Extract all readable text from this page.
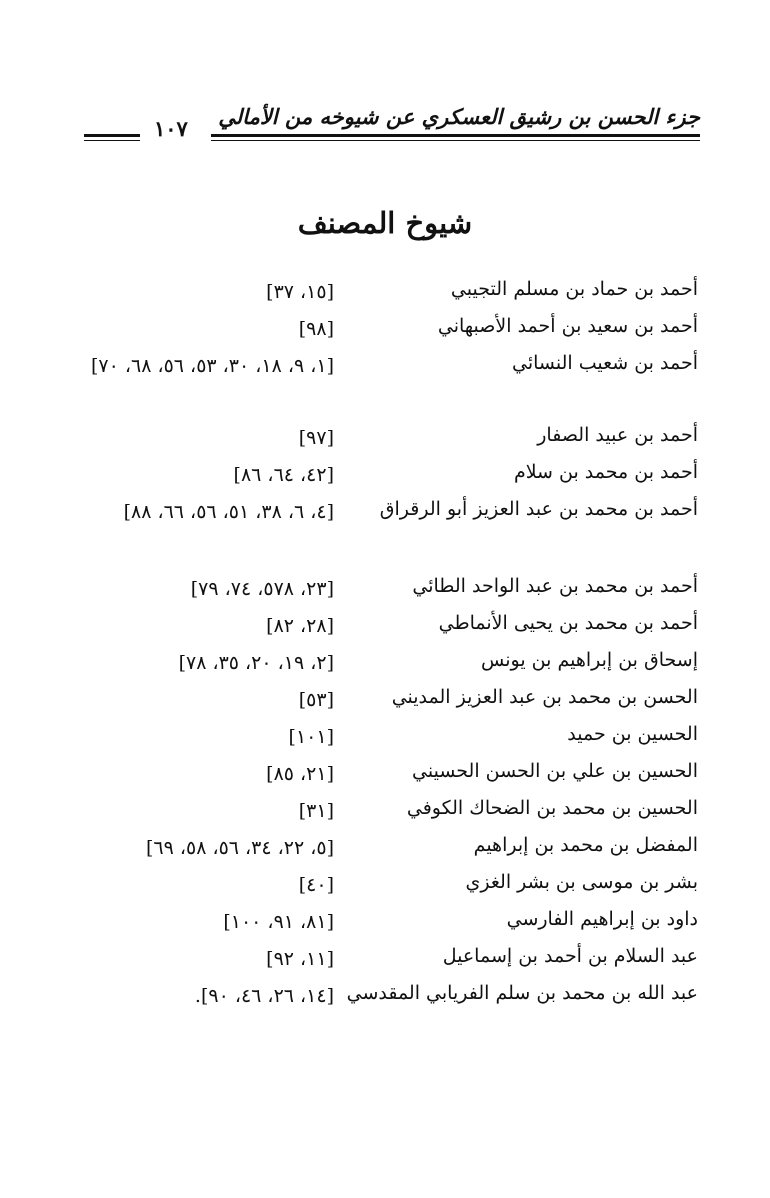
جزء الحسن بن رشيق العسكري عن شيوخه من الأمالي
١٠٧
شيوخ المصنف
أحمد بن حماد بن مسلم التجيبي
[١٥، ٣٧]
أحمد بن سعيد بن أحمد الأصبهاني
[٩٨]
أحمد بن شعيب النسائي
[١، ٩، ١٨، ٣٠، ٥٣، ٥٦، ٦٨، ٧٠]
أحمد بن عبيد الصفار
[٩٧]
أحمد بن محمد بن سلام
[٤٢، ٦٤، ٨٦]
أحمد بن محمد بن عبد العزيز أبو الرقراق
[٤، ٦، ٣٨، ٥١، ٥٦، ٦٦، ٨٨]
أحمد بن محمد بن عبد الواحد الطائي
[٢٣، ٥٧٨، ٧٤، ٧٩]
أحمد بن محمد بن يحيى الأنماطي
[٢٨، ٨٢]
إسحاق بن إبراهيم بن يونس
[٢، ١٩، ٢٠، ٣٥، ٧٨]
الحسن بن محمد بن عبد العزيز المديني
[٥٣]
الحسين بن حميد
[١٠١]
الحسين بن علي بن الحسن الحسيني
[٢١، ٨٥]
الحسين بن محمد بن الضحاك الكوفي
[٣١]
المفضل بن محمد بن إبراهيم
[٥، ٢٢، ٣٤، ٥٦، ٥٨، ٦٩]
بشر بن موسى بن بشر الغزي
[٤٠]
داود بن إبراهيم الفارسي
[٨١، ٩١، ١٠٠]
عبد السلام بن أحمد بن إسماعيل
[١١، ٩٢]
عبد الله بن محمد بن سلم الفريابي المقدسي
[١٤، ٢٦، ٤٦، ٩٠].
